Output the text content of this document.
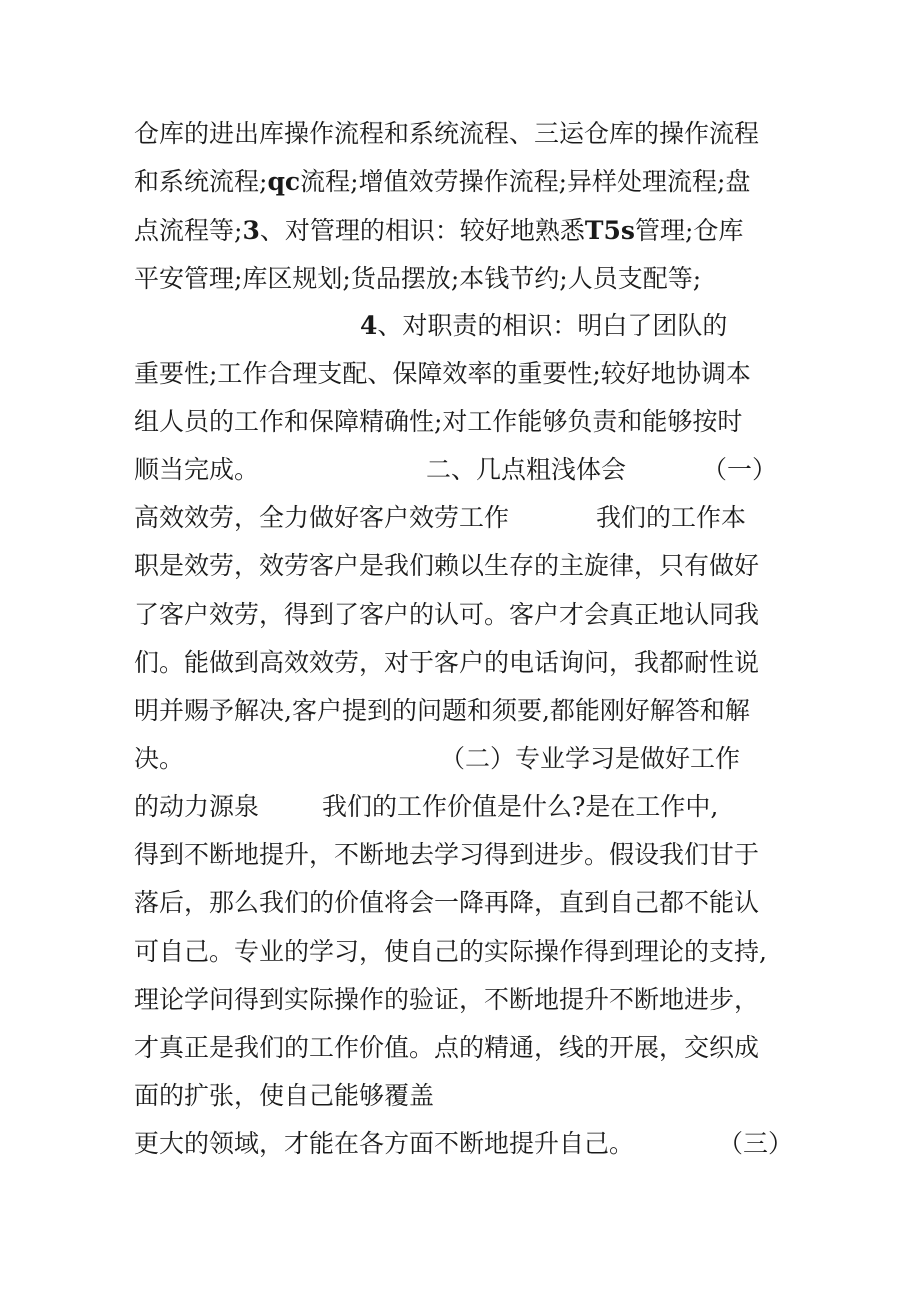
仓库的进出库操作流程和系统流程、三运仓库的操作流程
和系统流程;qc流程;增值效劳操作流程;异样处理流程;盘
点流程等;3、对管理的相识：较好地熟悉T5s管理;仓库
平安管理;库区规划;货品摆放;本钱节约;人员支配等;
4、对职责的相识：明白了团队的
重要性;工作合理支配、保障效率的重要性;较好地协调本
组人员的工作和保障精确性;对工作能够负责和能够按时
顺当完成。	二、几点粗浅体会	（一）
高效效劳，全力做好客户效劳工作	我们的工作本
职是效劳，效劳客户是我们赖以生存的主旋律，只有做好
了客户效劳，得到了客户的认可。客户才会真正地认同我
们。能做到高效效劳，对于客户的电话询问，我都耐性说
明并赐予解决,客户提到的问题和须要,都能刚好解答和解
决。	（二）专业学习是做好工作
的动力源泉	我们的工作价值是什么?是在工作中,
得到不断地提升，不断地去学习得到进步。假设我们甘于
落后，那么我们的价值将会一降再降，直到自己都不能认
可自己。专业的学习，使自己的实际操作得到理论的支持,
理论学问得到实际操作的验证，不断地提升不断地进步，
才真正是我们的工作价值。点的精通，线的开展，交织成
面的扩张，使自己能够覆盖
更大的领域，才能在各方面不断地提升自己。	（三）
